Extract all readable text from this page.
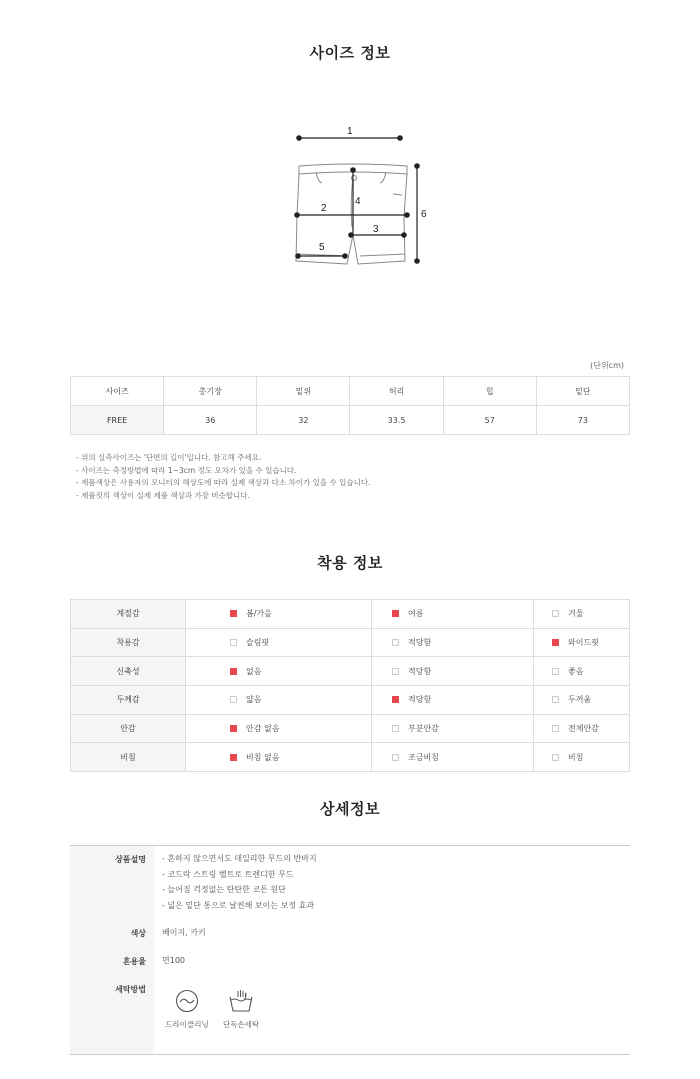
사이즈 정보
1
2
3
4
5
6
(단위cm)
사이즈	총기장	밑위	허리	힙	밑단
FREE	36	32	33.5	57	73
- 위의 실측사이즈는 '단면의 길이'입니다. 참고해 주세요.
- 사이즈는 측정방법에 따라 1~3cm 정도 오차가 있을 수 있습니다.
- 제품색상은 사용자의 모니터의 해상도에 따라 실제 색상과 다소 차이가 있을 수 있습니다.
- 제품컷의 색상이 실제 제품 색상과 가장 비슷합니다.
착용 정보
계절감	봄/가을	여름	겨울

착용감	슬림핏	적당함	와이드핏

신축성	없음	적당함	좋음

두께감	얇음	적당함	두꺼움

안감	안감 없음	부분안감	전체안감

비침	비침 없음	조금비침	비침
상세정보
상품설명 - 흔하지 않으면서도 데일리한 무드의 반바지
- 코드락 스트링 벨트로 트렌디한 무드
- 늘어짐 걱정없는 탄탄한 코튼 원단
- 넓은 밑단 통으로 날씬해 보이는 보정 효과
색상 베이지, 카키
혼용율 면100
세탁방법
드라이클리닝	단독손세탁
